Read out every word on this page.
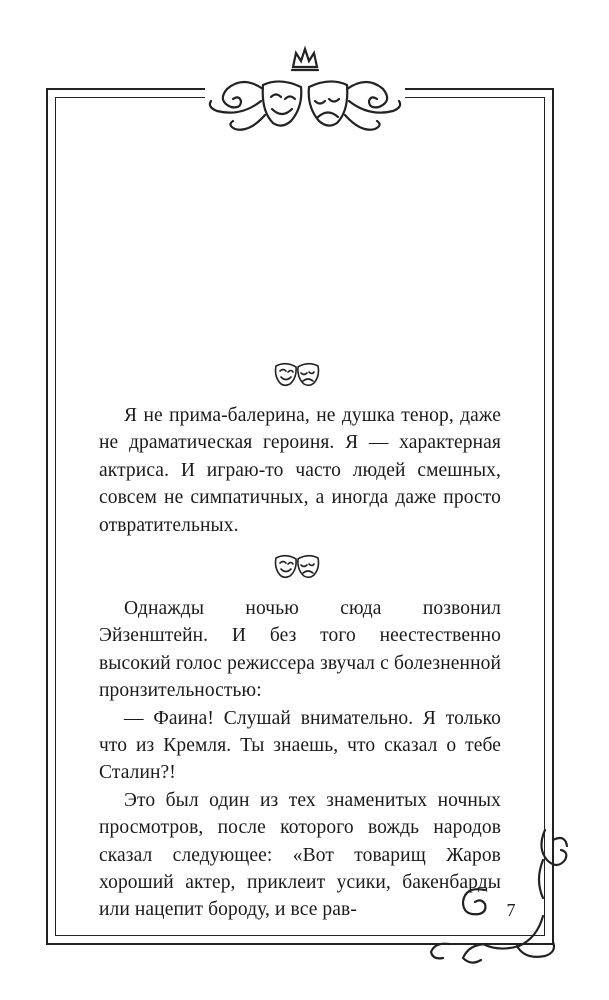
Я не прима-балерина, не душка тенор, даже не драматическая героиня. Я — характерная актриса. И играю-то часто людей смешных, совсем не симпатичных, а иногда даже просто отвратительных.

Однажды ночью сюда позвонил Эйзенштейн. И без того неестественно высокий голос режиссера звучал с болезненной пронзительностью:

— Фаина! Слушай внимательно. Я только что из Кремля. Ты знаешь, что сказал о тебе Сталин?!

Это был один из тех знаменитых ночных просмотров, после которого вождь народов сказал следующее: «Вот товарищ Жаров хороший актер, приклеит усики, бакенбарды или нацепит бороду, и все рав-	7
